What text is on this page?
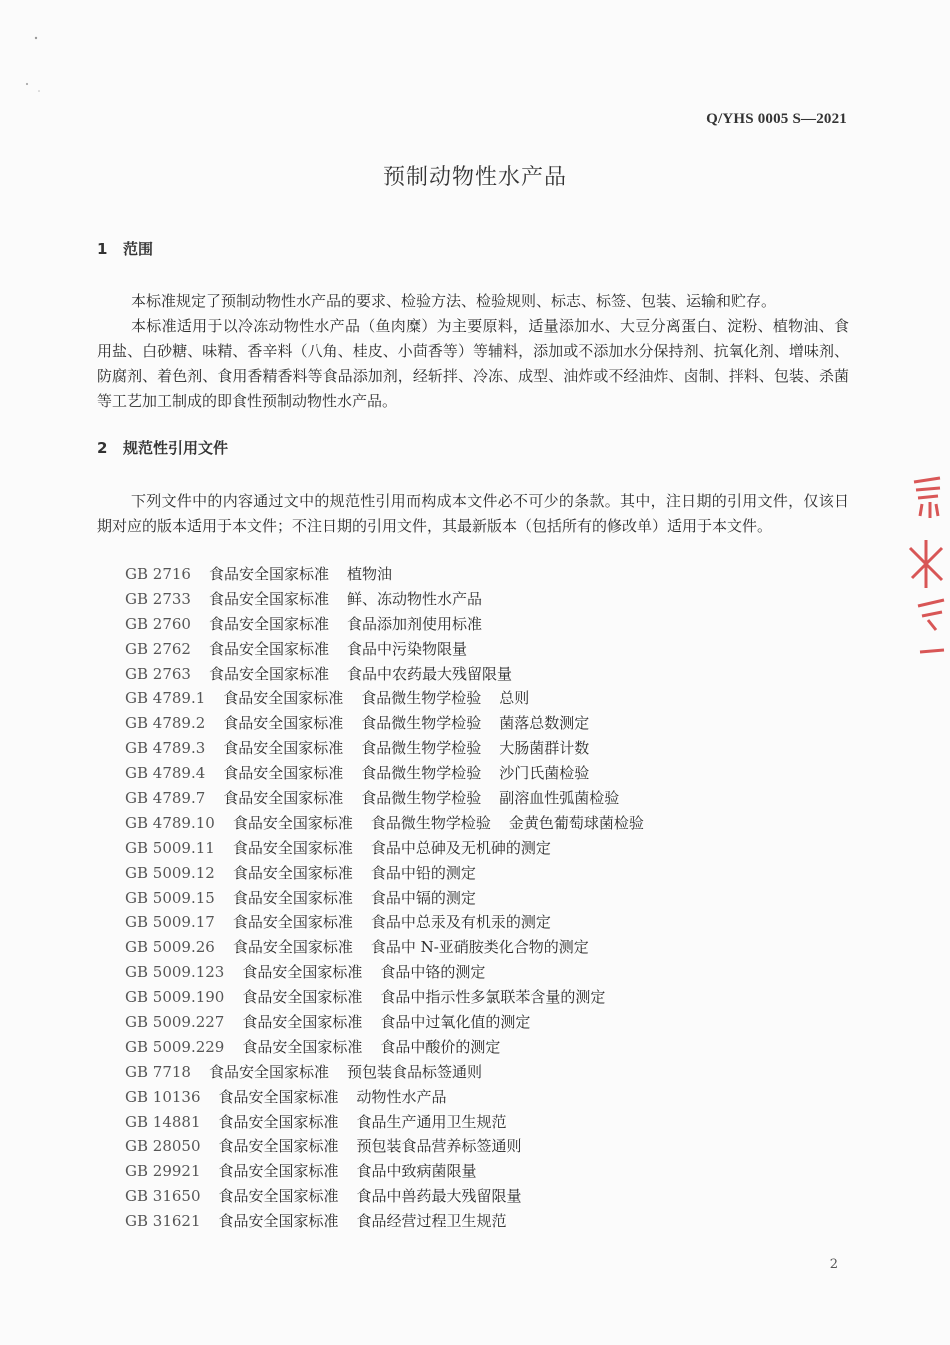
Q/YHS 0005 S—2021
预制动物性水产品
1 范围

本标准规定了预制动物性水产品的要求、检验方法、检验规则、标志、标签、包装、运输和贮存。

本标准适用于以冷冻动物性水产品（鱼肉糜）为主要原料，适量添加水、大豆分离蛋白、淀粉、植物油、食用盐、白砂糖、味精、香辛料（八角、桂皮、小茴香等）等辅料，添加或不添加水分保持剂、抗氧化剂、增味剂、防腐剂、着色剂、食用香精香料等食品添加剂，经斩拌、冷冻、成型、油炸或不经油炸、卤制、拌料、包装、杀菌等工艺加工制成的即食性预制动物性水产品。

2 规范性引用文件

下列文件中的内容通过文中的规范性引用而构成本文件必不可少的条款。其中，注日期的引用文件，仅该日期对应的版本适用于本文件；不注日期的引用文件，其最新版本（包括所有的修改单）适用于本文件。

GB 2716 食品安全国家标准 植物油
GB 2733 食品安全国家标准 鲜、冻动物性水产品
GB 2760 食品安全国家标准 食品添加剂使用标准
GB 2762 食品安全国家标准 食品中污染物限量
GB 2763 食品安全国家标准 食品中农药最大残留限量
GB 4789.1 食品安全国家标准 食品微生物学检验 总则
GB 4789.2 食品安全国家标准 食品微生物学检验 菌落总数测定
GB 4789.3 食品安全国家标准 食品微生物学检验 大肠菌群计数
GB 4789.4 食品安全国家标准 食品微生物学检验 沙门氏菌检验
GB 4789.7 食品安全国家标准 食品微生物学检验 副溶血性弧菌检验
GB 4789.10 食品安全国家标准 食品微生物学检验 金黄色葡萄球菌检验
GB 5009.11 食品安全国家标准 食品中总砷及无机砷的测定
GB 5009.12 食品安全国家标准 食品中铅的测定
GB 5009.15 食品安全国家标准 食品中镉的测定
GB 5009.17 食品安全国家标准 食品中总汞及有机汞的测定
GB 5009.26 食品安全国家标准 食品中 N-亚硝胺类化合物的测定
GB 5009.123 食品安全国家标准 食品中铬的测定
GB 5009.190 食品安全国家标准 食品中指示性多氯联苯含量的测定
GB 5009.227 食品安全国家标准 食品中过氧化值的测定
GB 5009.229 食品安全国家标准 食品中酸价的测定
GB 7718 食品安全国家标准 预包装食品标签通则
GB 10136 食品安全国家标准 动物性水产品
GB 14881 食品安全国家标准 食品生产通用卫生规范
GB 28050 食品安全国家标准 预包装食品营养标签通则
GB 29921 食品安全国家标准 食品中致病菌限量
GB 31650 食品安全国家标准 食品中兽药最大残留限量
GB 31621 食品安全国家标准 食品经营过程卫生规范
2
